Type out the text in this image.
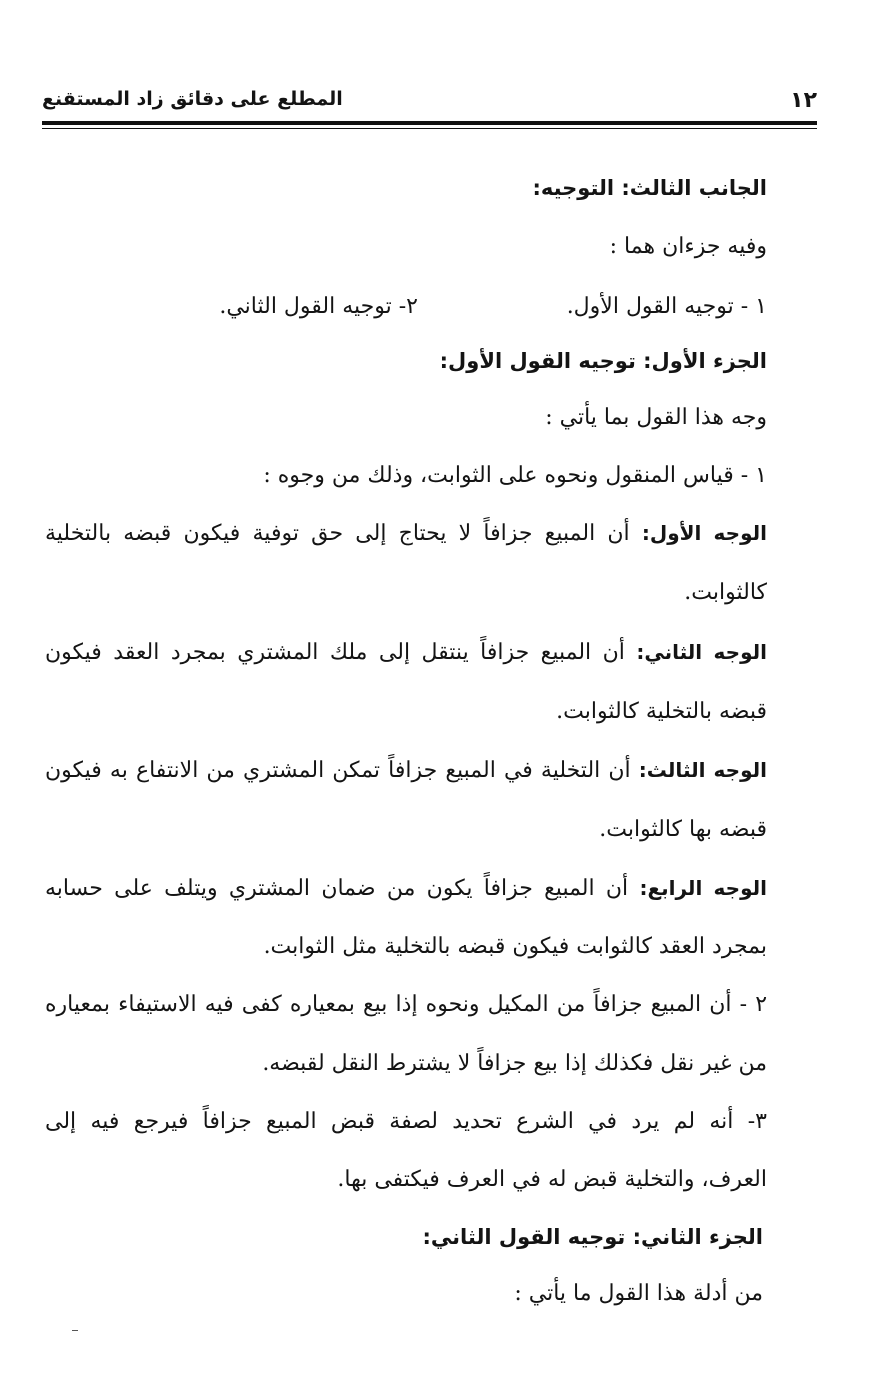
١٢
المطلع على دقائق زاد المستقنع
الجانب الثالث: التوجيه:
وفيه جزءان هما :
١ - توجيه القول الأول.
٢- توجيه القول الثاني.
الجزء الأول: توجيه القول الأول:
وجه هذا القول بما يأتي :
١ - قياس المنقول ونحوه على الثوابت، وذلك من وجوه :
الوجه الأول: أن المبيع جزافاً لا يحتاج إلى حق توفية فيكون قبضه بالتخلية
كالثوابت.
الوجه الثاني: أن المبيع جزافاً ينتقل إلى ملك المشتري بمجرد العقد فيكون
قبضه بالتخلية كالثوابت.
الوجه الثالث: أن التخلية في المبيع جزافاً تمكن المشتري من الانتفاع به فيكون
قبضه بها كالثوابت.
الوجه الرابع: أن المبيع جزافاً يكون من ضمان المشتري ويتلف على حسابه
بمجرد العقد كالثوابت فيكون قبضه بالتخلية مثل الثوابت.
٢ - أن المبيع جزافاً من المكيل ونحوه إذا بيع بمعياره كفى فيه الاستيفاء بمعياره
من غير نقل فكذلك إذا بيع جزافاً لا يشترط النقل لقبضه.
٣- أنه لم يرد في الشرع تحديد لصفة قبض المبيع جزافاً فيرجع فيه إلى
العرف، والتخلية قبض له في العرف فيكتفى بها.
الجزء الثاني: توجيه القول الثاني:
من أدلة هذا القول ما يأتي :
